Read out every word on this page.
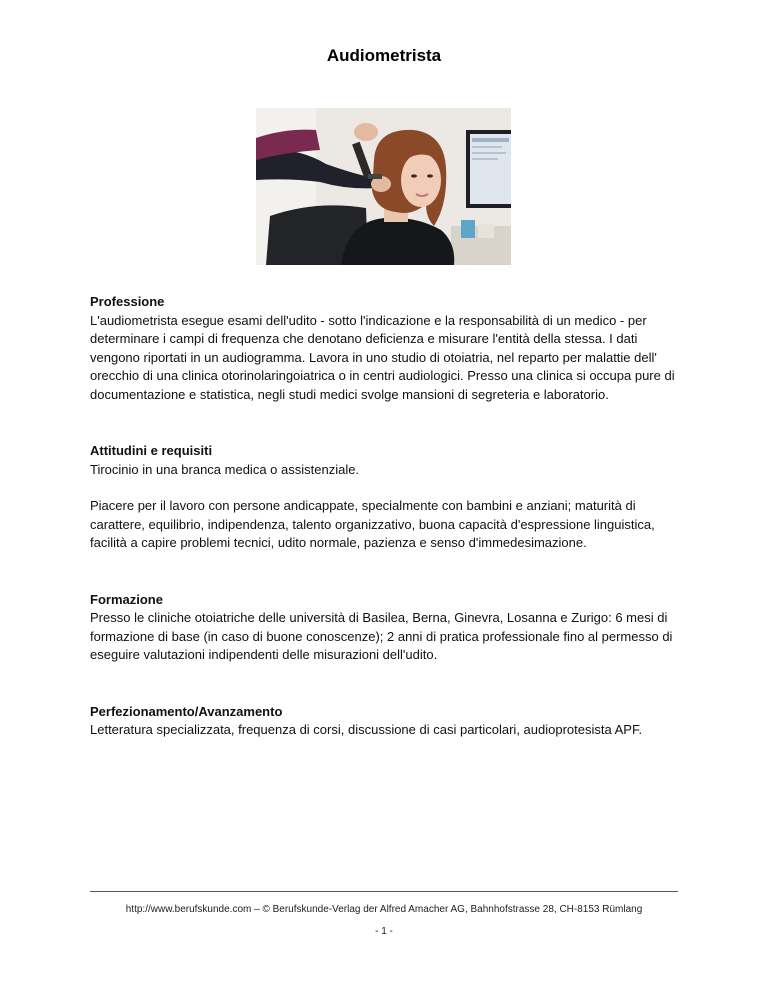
Audiometrista

Professione

L'audiometrista esegue esami dell'udito - sotto l'indicazione e la responsabilità di un medico - per determinare i campi di frequenza che denotano deficienza e misurare l'entità della stessa. I dati vengono riportati in un audiogramma. Lavora in uno studio di otoiatria, nel reparto per malattie dell' orecchio di una clinica otorinolaringoiatrica o in centri audiologici. Presso una clinica si occupa pure di documentazione e statistica, negli studi medici svolge mansioni di segreteria e laboratorio.

Attitudini e requisiti

Tirocinio in una branca medica o assistenziale.

Piacere per il lavoro con persone andicappate, specialmente con bambini e anziani; maturità di carattere, equilibrio, indipendenza, talento organizzativo, buona capacità d'espressione linguistica, facilità a capire problemi tecnici, udito normale, pazienza e senso d'immedesimazione.

Formazione

Presso le cliniche otoiatriche delle università di Basilea, Berna, Ginevra, Losanna e Zurigo: 6 mesi di formazione di base (in caso di buone conoscenze); 2 anni di pratica professionale fino al permesso di eseguire valutazioni indipendenti delle misurazioni dell'udito.

Perfezionamento/Avanzamento

Letteratura specializzata, frequenza di corsi, discussione di casi particolari, audioprotesista APF.

http://www.berufskunde.com – © Berufskunde-Verlag der Alfred Amacher AG, Bahnhofstrasse 28, CH-8153 Rümlang
- 1 -
